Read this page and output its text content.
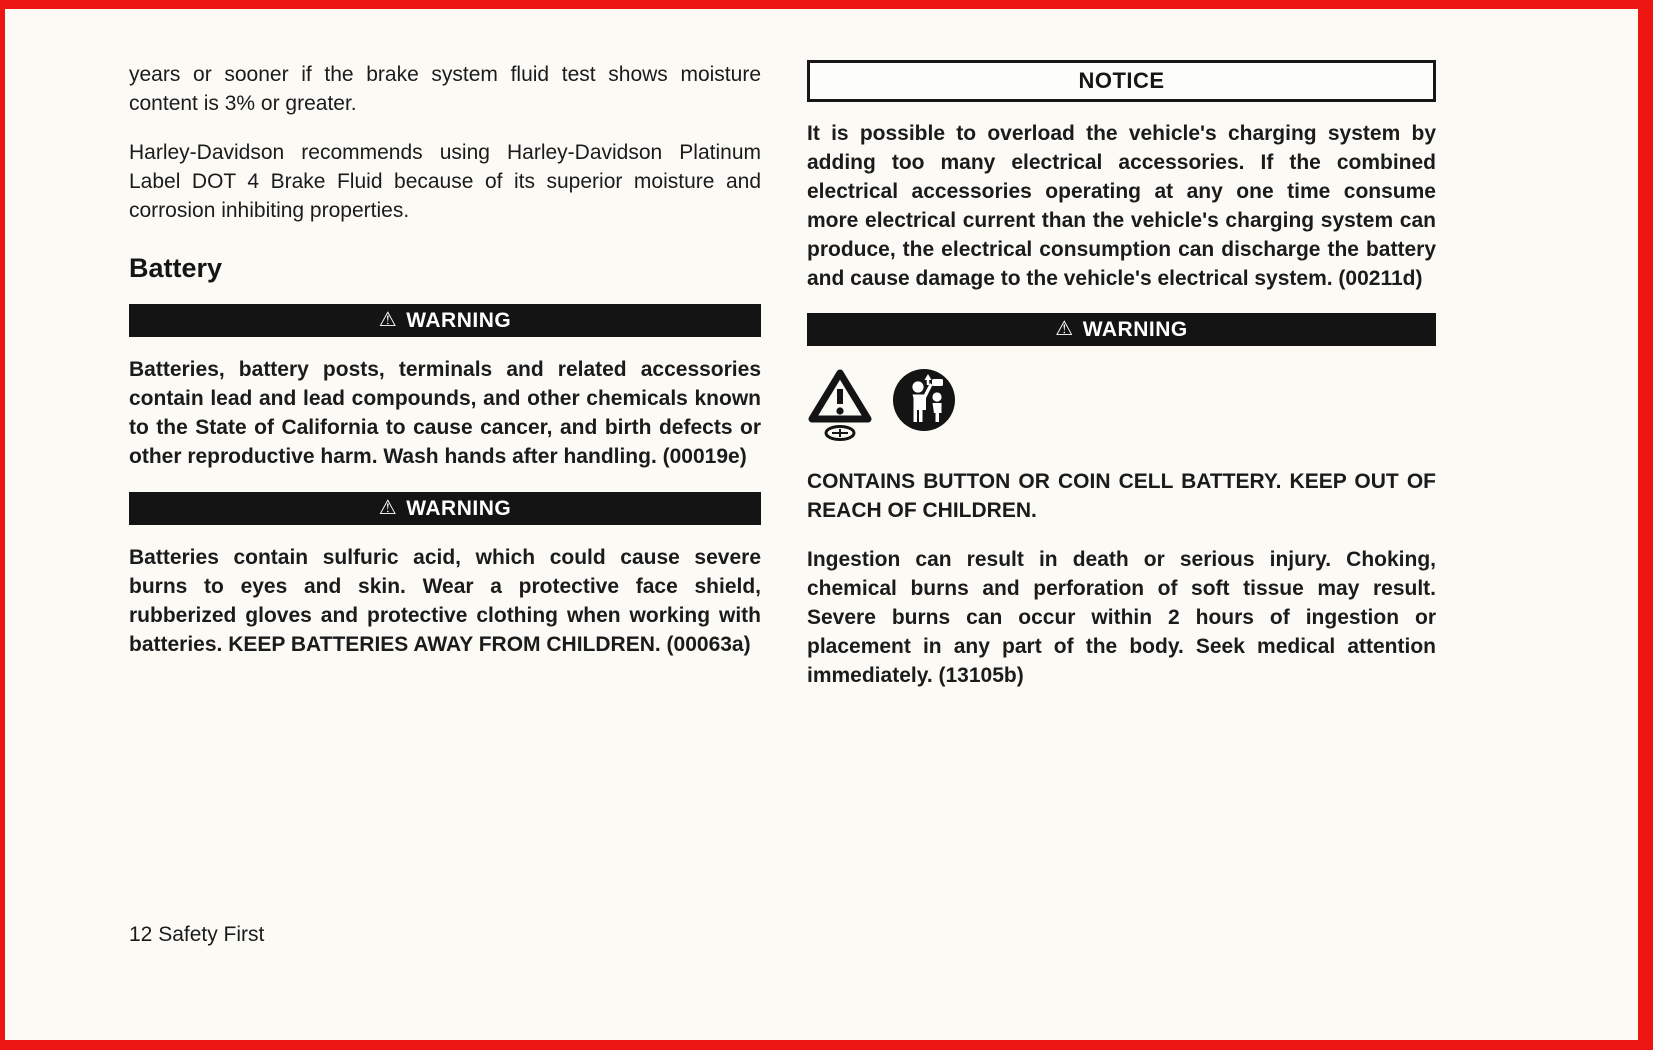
years or sooner if the brake system fluid test shows moisture content is 3% or greater.

Harley-Davidson recommends using Harley-Davidson Platinum Label DOT 4 Brake Fluid because of its superior moisture and corrosion inhibiting properties.

Battery
⚠ WARNING

Batteries, battery posts, terminals and related accessories contain lead and lead compounds, and other chemicals known to the State of California to cause cancer, and birth defects or other reproductive harm. Wash hands after handling. (00019e)

⚠ WARNING

Batteries contain sulfuric acid, which could cause severe burns to eyes and skin. Wear a protective face shield, rubberized gloves and protective clothing when working with batteries. KEEP BATTERIES AWAY FROM CHILDREN. (00063a)

NOTICE

It is possible to overload the vehicle's charging system by adding too many electrical accessories. If the combined electrical accessories operating at any one time consume more electrical current than the vehicle's charging system can produce, the electrical consumption can discharge the battery and cause damage to the vehicle's electrical system. (00211d)

⚠ WARNING

CONTAINS BUTTON OR COIN CELL BATTERY. KEEP OUT OF REACH OF CHILDREN.

Ingestion can result in death or serious injury. Choking, chemical burns and perforation of soft tissue may result. Severe burns can occur within 2 hours of ingestion or placement in any part of the body. Seek medical attention immediately. (13105b)

12 Safety First
